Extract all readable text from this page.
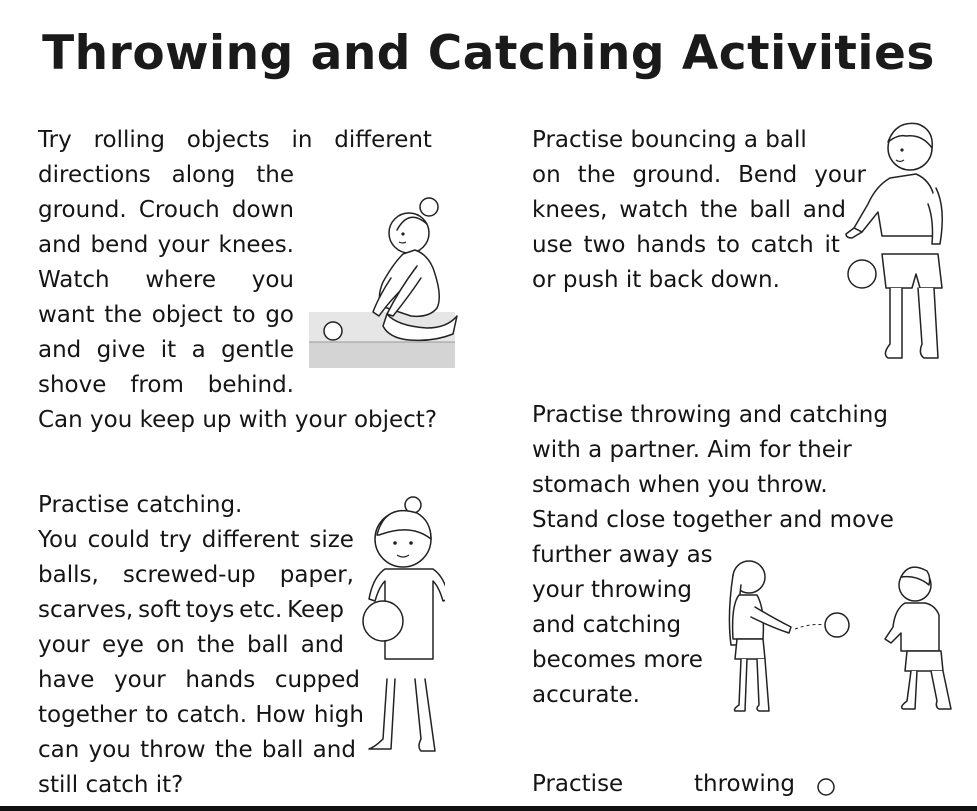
Throwing and Catching Activities
Try rolling objects in different
directions along the
ground. Crouch down
and bend your knees.
Watch where you
want the object to go
and give it a gentle
shove from behind.
Can you keep up with your object?
Practise bouncing a ball
on the ground. Bend your
knees, watch the ball and
use two hands to catch it
or push it back down.
Practise catching.
You could try different size
balls, screwed-up paper,
scarves, soft toys etc. Keep
your eye on the ball and
have your hands cupped
together to catch. How high
can you throw the ball and
still catch it?
Practise throwing and catching
with a partner. Aim for their
stomach when you throw.
Stand close together and move
further away as
your throwing
and catching
becomes more
accurate.
Practise	throwing
